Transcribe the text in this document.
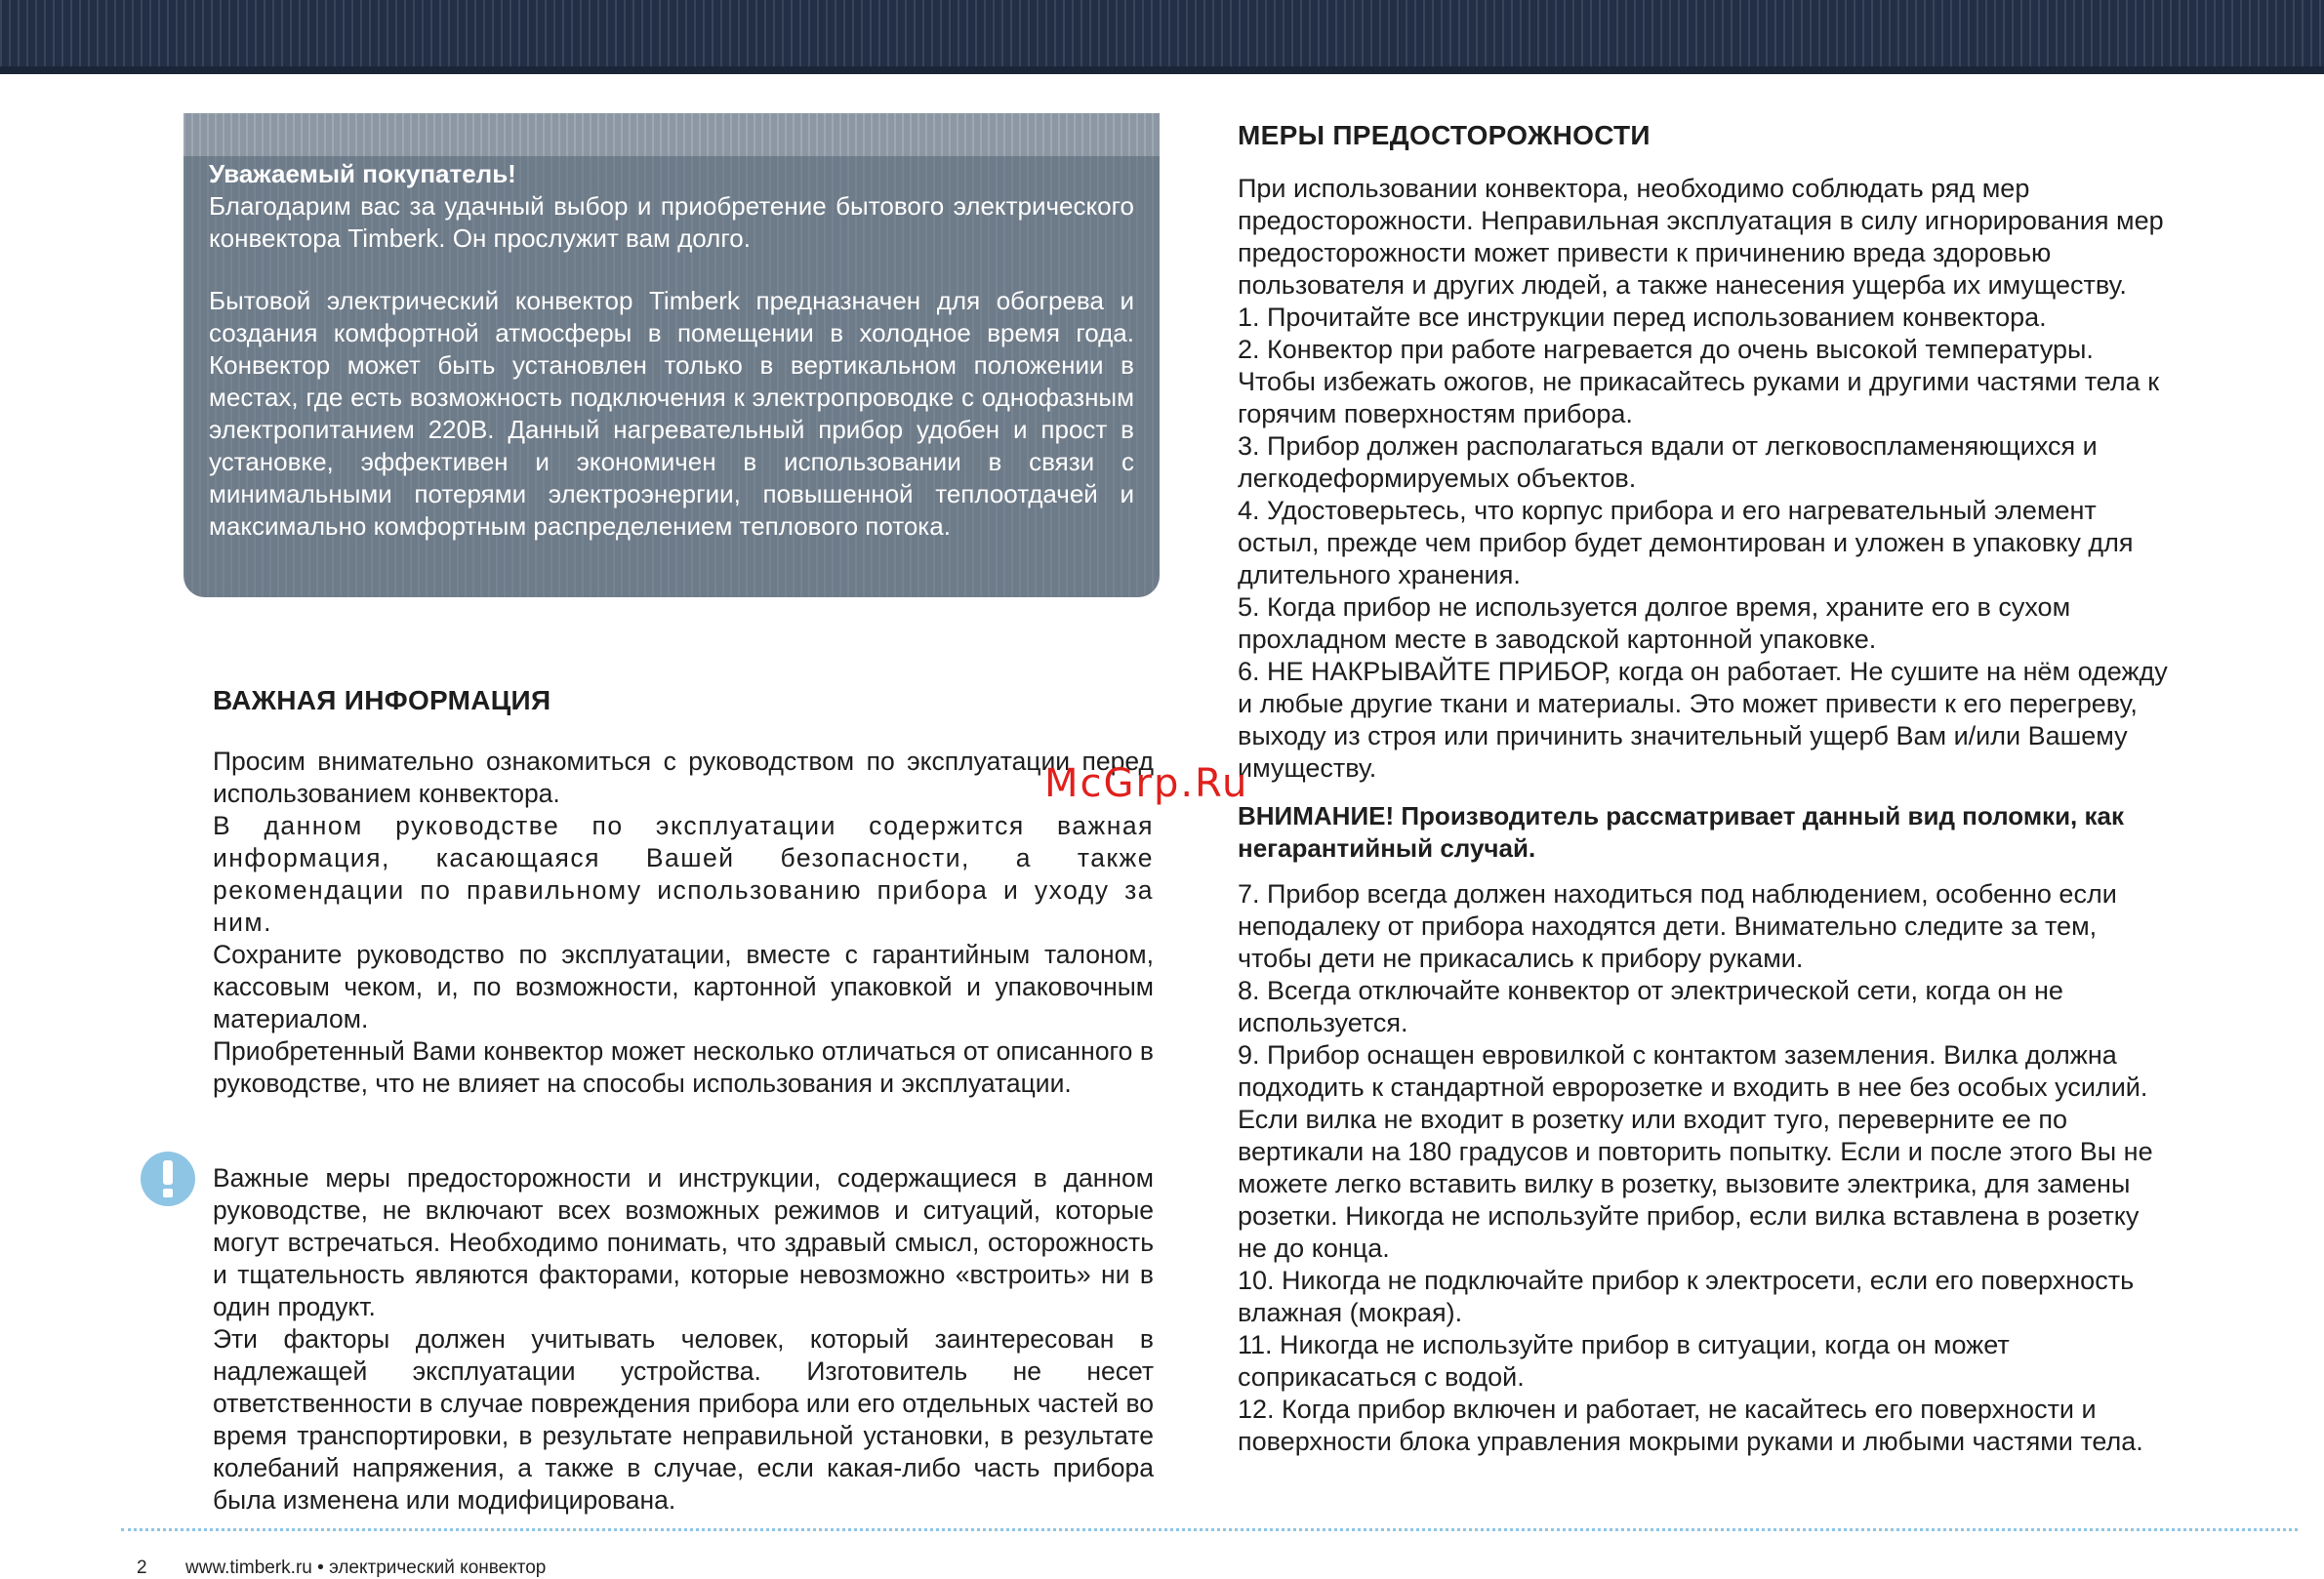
Уважаемый покупатель!

Благодарим вас за удачный выбор и приобретение бытового электрического конвектора Timberk. Он прослужит вам долго.

Бытовой электрический конвектор Timberk предназначен для обогрева и создания комфортной атмосферы в помещении в холодное время года. Конвектор может быть установлен только в вертикальном положении в местах, где есть возможность подключения к электропроводке с однофазным электропитанием 220В. Данный нагревательный прибор удобен и прост в установке, эффективен и экономичен в использовании в связи с минимальными потерями электроэнергии, повышенной теплоотдачей и максимально комфортным распределением теплового потока.

ВАЖНАЯ ИНФОРМАЦИЯ

Просим внимательно ознакомиться с руководством по эксплуатации перед использованием конвектора.

В данном руководстве по эксплуатации содержится важная информация, касающаяся Вашей безопасности, а также рекомендации по правильному использованию прибора и уходу за ним.

Сохраните руководство по эксплуатации, вместе с гарантийным талоном, кассовым чеком, и, по возможности, картонной упаковкой и упаковочным материалом.

Приобретенный Вами конвектор может несколько отличаться от описанного в руководстве, что не влияет на способы использования и эксплуатации.

Важные меры предосторожности и инструкции, содержащиеся в данном руководстве, не включают всех возможных режимов и ситуаций, которые могут встречаться. Необходимо понимать, что здравый смысл, осторожность и тщательность являются факторами, которые невозможно «встроить» ни в один продукт.

Эти факторы должен учитывать человек, который заинтересован в надлежащей эксплуатации устройства. Изготовитель не несет ответственности в случае повреждения прибора или его отдельных частей во время транспортировки, в результате неправильной установки, в результате колебаний напряжения, а также в случае, если какая-либо часть прибора была изменена или модифицирована.

МЕРЫ ПРЕДОСТОРОЖНОСТИ

При использовании конвектора, необходимо соблюдать ряд мер предосторожности. Неправильная эксплуатация в силу игнорирования мер предосторожности может привести к причинению вреда здоровью пользователя и других людей, а также нанесения ущерба их имуществу.

1. Прочитайте все инструкции перед использованием конвектора.

2. Конвектор при работе нагревается до очень высокой температуры. Чтобы избежать ожогов, не прикасайтесь руками и другими частями тела к горячим поверхностям прибора.

3. Прибор должен располагаться вдали от легковоспламеняющихся и легкодеформируемых объектов.

4. Удостоверьтесь, что корпус прибора и его нагревательный элемент остыл, прежде чем прибор будет демонтирован и уложен в упаковку для длительного хранения.

5. Когда прибор не используется долгое время, храните его в сухом прохладном месте в заводской картонной упаковке.

6. НЕ НАКРЫВАЙТЕ ПРИБОР, когда он работает. Не сушите на нём одежду и любые другие ткани и материалы. Это может привести к его перегреву, выходу из строя или причинить значительный ущерб Вам и/или Вашему имуществу.

ВНИМАНИЕ! Производитель рассматривает данный вид поломки, как негарантийный случай.

7. Прибор всегда должен находиться под наблюдением, особенно если неподалеку от прибора находятся дети. Внимательно следите за тем, чтобы дети не прикасались к прибору руками.

8. Всегда отключайте конвектор от электрической сети, когда он не используется.

9. Прибор оснащен евровилкой с контактом заземления. Вилка должна подходить к стандартной евророзетке и входить в нее без особых усилий. Если вилка не входит в розетку или входит туго, переверните ее по вертикали на 180 градусов и повторить попытку. Если и после этого Вы не можете легко вставить вилку в розетку, вызовите электрика, для замены розетки. Никогда не используйте прибор, если вилка вставлена в розетку не до конца.

10. Никогда не подключайте прибор к электросети, если его поверхность влажная (мокрая).

11. Никогда не используйте прибор в ситуации, когда он может соприкасаться с водой.

12. Когда прибор включен и работает, не касайтесь его поверхности и поверхности блока управления мокрыми руками и любыми частями тела.

McGrp.Ru
2 www.timberk.ru • электрический конвектор
